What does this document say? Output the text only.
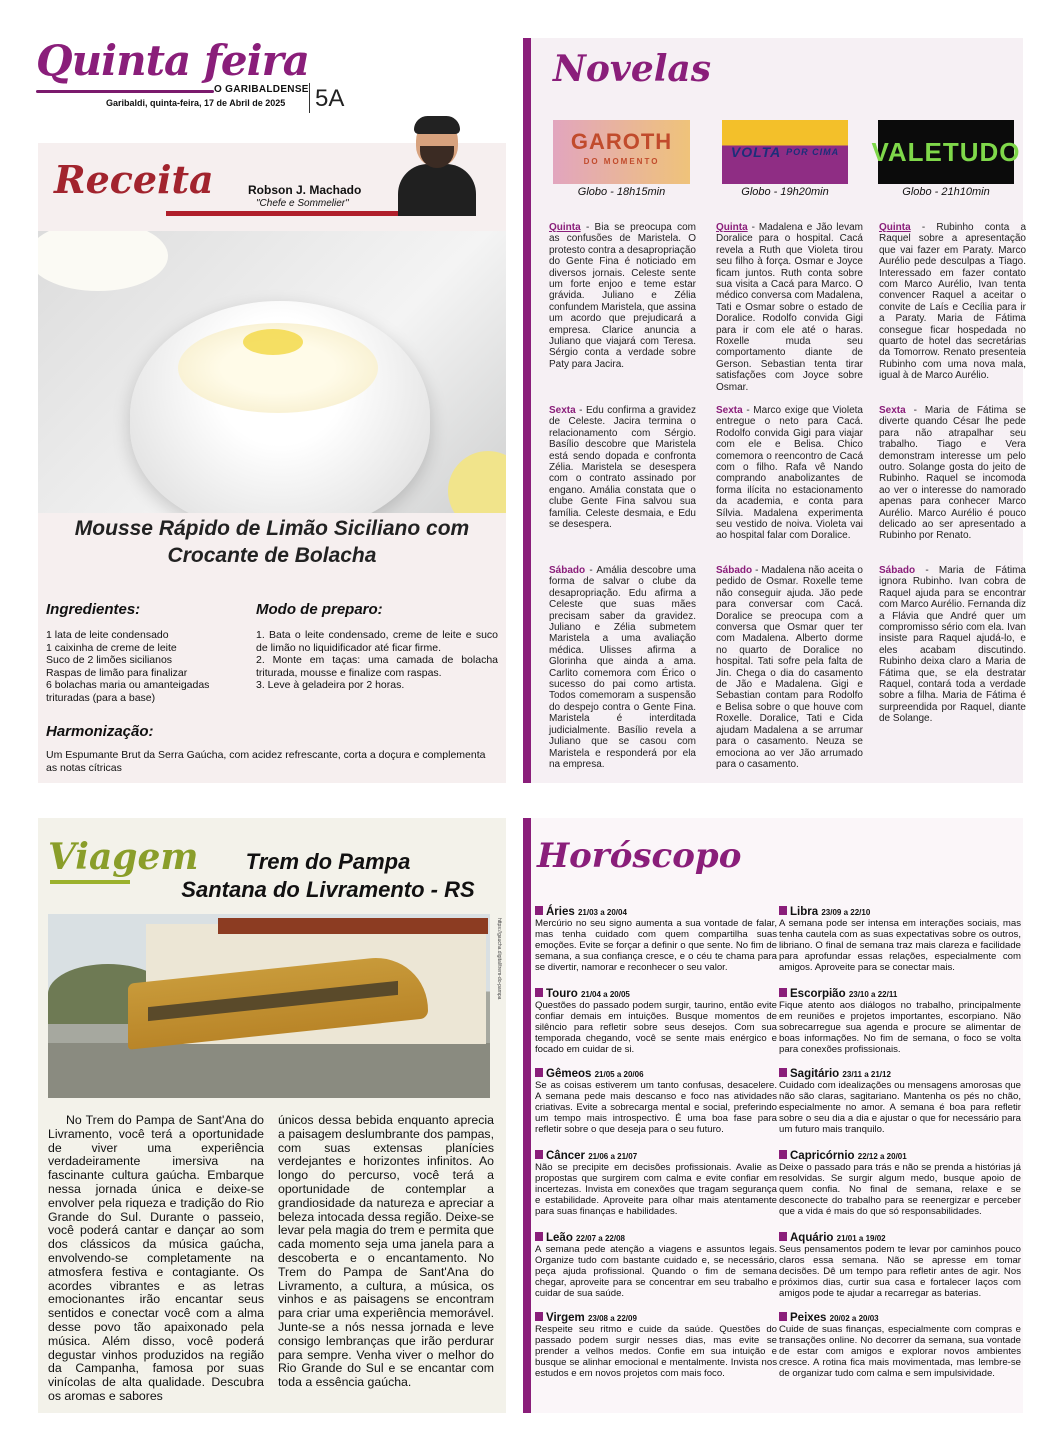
Quinta feira
O GARIBALDENSE
Garibaldi, quinta-feira, 17 de Abril de 2025 5A
Receita	Robson J. Machado
"Chefe e Sommelier"
Mousse Rápido de Limão Siciliano com Crocante de Bolacha
Ingredientes:
1 lata de leite condensado
1 caixinha de creme de leite
Suco de 2 limões sicilianos
Raspas de limão para finalizar
6 bolachas maria ou amanteigadas trituradas (para a base)
Modo de preparo:
1. Bata o leite condensado, creme de leite e suco de limão no liquidificador até ficar firme.
2. Monte em taças: uma camada de bolacha triturada, mousse e finalize com raspas.
3. Leve à geladeira por 2 horas.
Harmonização:
Um Espumante Brut da Serra Gaúcha, com acidez refrescante, corta a doçura e complementa as notas cítricas
Novelas
GAROTH
DO MOMENTO
VOLTA
POR CIMA VALE TUDO
Globo - 18h15min	Globo - 19h20min	Globo - 21h10min
Quinta - Bia se preocupa com as confusões de Maristela. O protesto contra a desapropriação do Gente Fina é noticiado em diversos jornais. Celeste sente um forte enjoo e teme estar grávida. Juliano e Zélia confundem Maristela, que assina um acordo que prejudicará a empresa. Clarice anuncia a Juliano que viajará com Teresa. Sérgio conta a verdade sobre Paty para Jacira.
Sexta - Edu confirma a gravidez de Celeste. Jacira termina o relacionamento com Sérgio. Basílio descobre que Maristela está sendo dopada e confronta Zélia. Maristela se desespera com o contrato assinado por engano. Amália constata que o clube Gente Fina salvou sua família. Celeste desmaia, e Edu se desespera.
Sábado - Amália descobre uma forma de salvar o clube da desapropriação. Edu afirma a Celeste que suas mães precisam saber da gravidez. Juliano e Zélia submetem Maristela a uma avaliação médica. Ulisses afirma a Glorinha que ainda a ama. Carlito comemora com Érico o sucesso do pai como artista. Todos comemoram a suspensão do despejo contra o Gente Fina. Maristela é interditada judicialmente. Basílio revela a Juliano que se casou com Maristela e responderá por ela na empresa.
Quinta - Madalena e Jão levam Doralice para o hospital. Cacá revela a Ruth que Violeta tirou seu filho à força. Osmar e Joyce ficam juntos. Ruth conta sobre sua visita a Cacá para Marco. O médico conversa com Madalena, Tati e Osmar sobre o estado de Doralice. Rodolfo convida Gigi para ir com ele até o haras. Roxelle muda seu comportamento diante de Gerson. Sebastian tenta tirar satisfações com Joyce sobre Osmar.
Sexta - Marco exige que Violeta entregue o neto para Cacá. Rodolfo convida Gigi para viajar com ele e Belisa. Chico comemora o reencontro de Cacá com o filho. Rafa vê Nando comprando anabolizantes de forma ilícita no estacionamento da academia, e conta para Sílvia. Madalena experimenta seu vestido de noiva. Violeta vai ao hospital falar com Doralice.
Sábado - Madalena não aceita o pedido de Osmar. Roxelle teme não conseguir ajuda. Jão pede para conversar com Cacá. Doralice se preocupa com a conversa que Osmar quer ter com Madalena. Alberto dorme no quarto de Doralice no hospital. Tati sofre pela falta de Jin. Chega o dia do casamento de Jão e Madalena. Gigi e Sebastian contam para Rodolfo e Belisa sobre o que houve com Roxelle. Doralice, Tati e Cida ajudam Madalena a se arrumar para o casamento. Neuza se emociona ao ver Jão arrumado para o casamento.
Quinta - Rubinho conta a Raquel sobre a apresentação que vai fazer em Paraty. Marco Aurélio pede desculpas a Tiago. Interessado em fazer contato com Marco Aurélio, Ivan tenta convencer Raquel a aceitar o convite de Laís e Cecília para ir a Paraty. Maria de Fátima consegue ficar hospedada no quarto de hotel das secretárias da Tomorrow. Renato presenteia Rubinho com uma nova mala, igual à de Marco Aurélio.
Sexta - Maria de Fátima se diverte quando César lhe pede para não atrapalhar seu trabalho. Tiago e Vera demonstram interesse um pelo outro. Solange gosta do jeito de Rubinho. Raquel se incomoda ao ver o interesse do namorado apenas para conhecer Marco Aurélio. Marco Aurélio é pouco delicado ao ser apresentado a Rubinho por Renato.
Sábado - Maria de Fátima ignora Rubinho. Ivan cobra de Raquel ajuda para se encontrar com Marco Aurélio. Fernanda diz a Flávia que André quer um compromisso sério com ela. Ivan insiste para Raquel ajudá-lo, e eles acabam discutindo. Rubinho deixa claro a Maria de Fátima que, se ela destratar Raquel, contará toda a verdade sobre a filha. Maria de Fátima é surpreendida por Raquel, diante de Solange.
Viagem	Trem do Pampa
Santana do Livramento - RS
https://gaucha.digital/trem-do-pampa
No Trem do Pampa de Sant'Ana do Livramento, você terá a oportunidade de viver uma experiência verdadeiramente imersiva na fascinante cultura gaúcha. Embarque nessa jornada única e deixe-se envolver pela riqueza e tradição do Rio Grande do Sul. Durante o passeio, você poderá cantar e dançar ao som dos clássicos da música gaúcha, envolvendo-se completamente na atmosfera festiva e contagiante. Os acordes vibrantes e as letras emocionantes irão encantar seus sentidos e conectar você com a alma desse povo tão apaixonado pela música. Além disso, você poderá degustar vinhos produzidos na região da Campanha, famosa por suas vinícolas de alta qualidade. Descubra os aromas e sabores
únicos dessa bebida enquanto aprecia a paisagem deslumbrante dos pampas, com suas extensas planícies verdejantes e horizontes infinitos. Ao longo do percurso, você terá a oportunidade de contemplar a grandiosidade da natureza e apreciar a beleza intocada dessa região. Deixe-se levar pela magia do trem e permita que cada momento seja uma janela para a descoberta e o encantamento. No Trem do Pampa de Sant'Ana do Livramento, a cultura, a música, os vinhos e as paisagens se encontram para criar uma experiência memorável. Junte-se a nós nessa jornada e leve consigo lembranças que irão perdurar para sempre. Venha viver o melhor do Rio Grande do Sul e se encantar com toda a essência gaúcha.
Horóscopo
Áries 21/03 a 20/04
Mercúrio no seu signo aumenta a sua vontade de falar, mas tenha cuidado com quem compartilha suas emoções. Evite se forçar a definir o que sente. No fim de semana, a sua confiança cresce, e o céu te chama para se divertir, namorar e reconhecer o seu valor.
Touro 21/04 a 20/05
Questões do passado podem surgir, taurino, então evite confiar demais em intuições. Busque momentos de silêncio para refletir sobre seus desejos. Com sua temporada chegando, você se sente mais enérgico e focado em cuidar de si.
Gêmeos 21/05 a 20/06
Se as coisas estiverem um tanto confusas, desacelere. A semana pede mais descanso e foco nas atividades criativas. Evite a sobrecarga mental e social, preferindo um tempo mais introspectivo. É uma boa fase para refletir sobre o que deseja para o seu futuro.
Câncer 21/06 a 21/07
Não se precipite em decisões profissionais. Avalie as propostas que surgirem com calma e evite confiar em incertezas. Invista em conexões que tragam segurança e estabilidade. Aproveite para olhar mais atentamente para suas finanças e habilidades.
Leão 22/07 a 22/08
A semana pede atenção a viagens e assuntos legais. Organize tudo com bastante cuidado e, se necessário, peça ajuda profissional. Quando o fim de semana chegar, aproveite para se concentrar em seu trabalho e cuidar de sua saúde.
Virgem 23/08 a 22/09
Respeite seu ritmo e cuide da saúde. Questões do passado podem surgir nesses dias, mas evite se prender a velhos medos. Confie em sua intuição e busque se alinhar emocional e mentalmente. Invista nos estudos e em novos projetos com mais foco.
Libra 23/09 a 22/10
A semana pode ser intensa em interações sociais, mas tenha cautela com as suas expectativas sobre os outros, libriano. O final de semana traz mais clareza e facilidade para aprofundar essas relações, especialmente com amigos. Aproveite para se conectar mais.
Escorpião 23/10 a 22/11
Fique atento aos diálogos no trabalho, principalmente em reuniões e projetos importantes, escorpiano. Não sobrecarregue sua agenda e procure se alimentar de boas informações. No fim de semana, o foco se volta para conexões profissionais.
Sagitário 23/11 a 21/12
Cuidado com idealizações ou mensagens amorosas que não são claras, sagitariano. Mantenha os pés no chão, especialmente no amor. A semana é boa para refletir sobre o seu dia a dia e ajustar o que for necessário para um futuro mais tranquilo.
Capricórnio 22/12 a 20/01
Deixe o passado para trás e não se prenda a histórias já resolvidas. Se surgir algum medo, busque apoio de quem confia. No final de semana, relaxe e se desconecte do trabalho para se reenergizar e perceber que a vida é mais do que só responsabilidades.
Aquário 21/01 a 19/02
Seus pensamentos podem te levar por caminhos pouco claros essa semana. Não se apresse em tomar decisões. Dê um tempo para refletir antes de agir. Nos próximos dias, curtir sua casa e fortalecer laços com amigos pode te ajudar a recarregar as baterias.
Peixes 20/02 a 20/03
Cuide de suas finanças, especialmente com compras e transações online. No decorrer da semana, sua vontade de estar com amigos e explorar novos ambientes cresce. A rotina fica mais movimentada, mas lembre-se de organizar tudo com calma e sem impulsividade.
